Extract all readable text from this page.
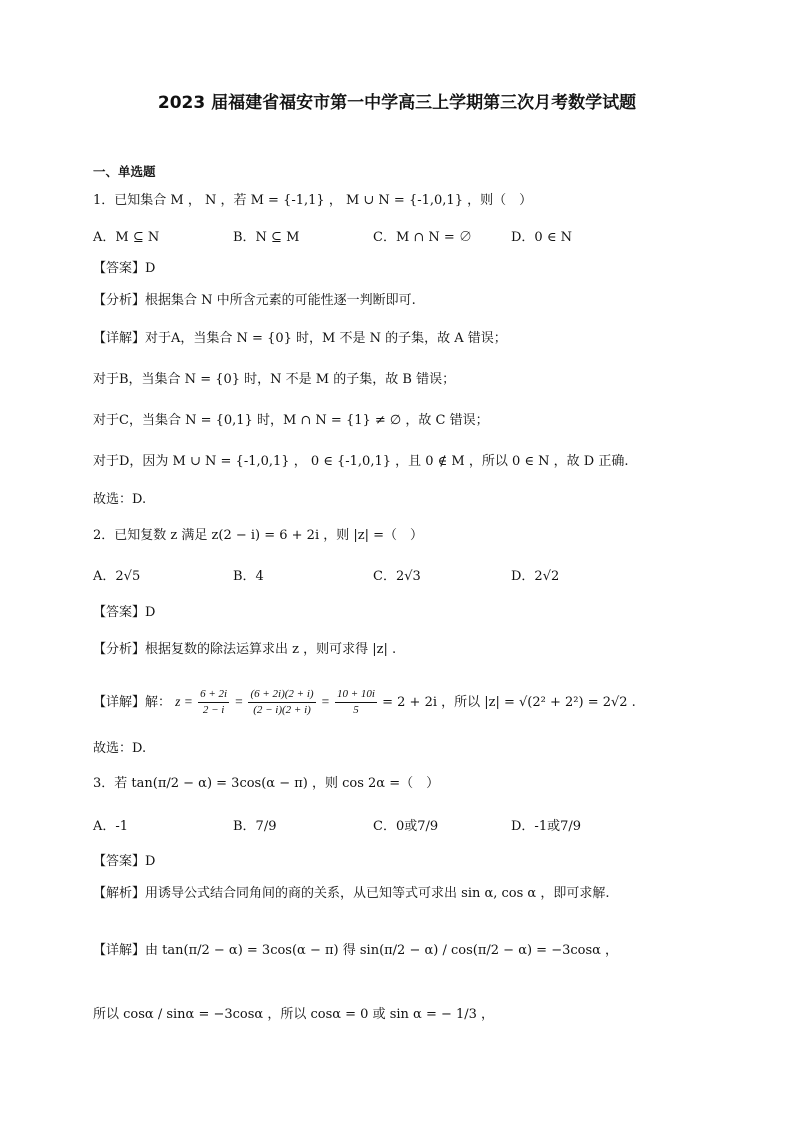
2023 届福建省福安市第一中学高三上学期第三次月考数学试题
一、单选题
1．已知集合 M ， N ，若 M = {-1,1} ， M ∪ N = {-1,0,1} ，则（　）
A．M ⊆ N	B．N ⊆ M	C．M ∩ N = ∅	D．0 ∈ N
【答案】D
【分析】根据集合 N 中所含元素的可能性逐一判断即可.
【详解】对于A，当集合 N = {0} 时，M 不是 N 的子集，故 A 错误；
对于B，当集合 N = {0} 时，N 不是 M 的子集，故 B 错误；
对于C，当集合 N = {0,1} 时，M ∩ N = {1} ≠ ∅ ，故 C 错误；
对于D，因为 M ∪ N = {-1,0,1} ， 0 ∈ {-1,0,1} ，且 0 ∉ M ，所以 0 ∈ N ，故 D 正确.
故选：D.
2．已知复数 z 满足 z(2 − i) = 6 + 2i ，则 |z| =（　）
A．2√5	B．4	C．2√3	D．2√2
【答案】D
【分析】根据复数的除法运算求出 z ，则可求得 |z| .
【详解】解： $z = \frac{6 + 2i}{2 - i} = \frac{(6 + 2i)(2 + i)}{(2 - i)(2 + i)} = \frac{10 + 10i}{5} = 2 + 2i$ ，所以 |z| = √(2² + 2²) = 2√2 .
故选：D.
3．若 tan(π/2 − α) = 3cos(α − π) ，则 cos 2α =（　）
A．-1	B．7/9	C．0或7/9	D．-1或7/9
【答案】D
【解析】用诱导公式结合同角间的商的关系，从已知等式可求出 sin α, cos α ，即可求解.
【详解】由 tan(π/2 − α) = 3cos(α − π) 得 sin(π/2 − α) / cos(π/2 − α) = −3cosα ，
所以 cosα / sinα = −3cosα ，所以 cosα = 0 或 sin α = − 1/3 ，
